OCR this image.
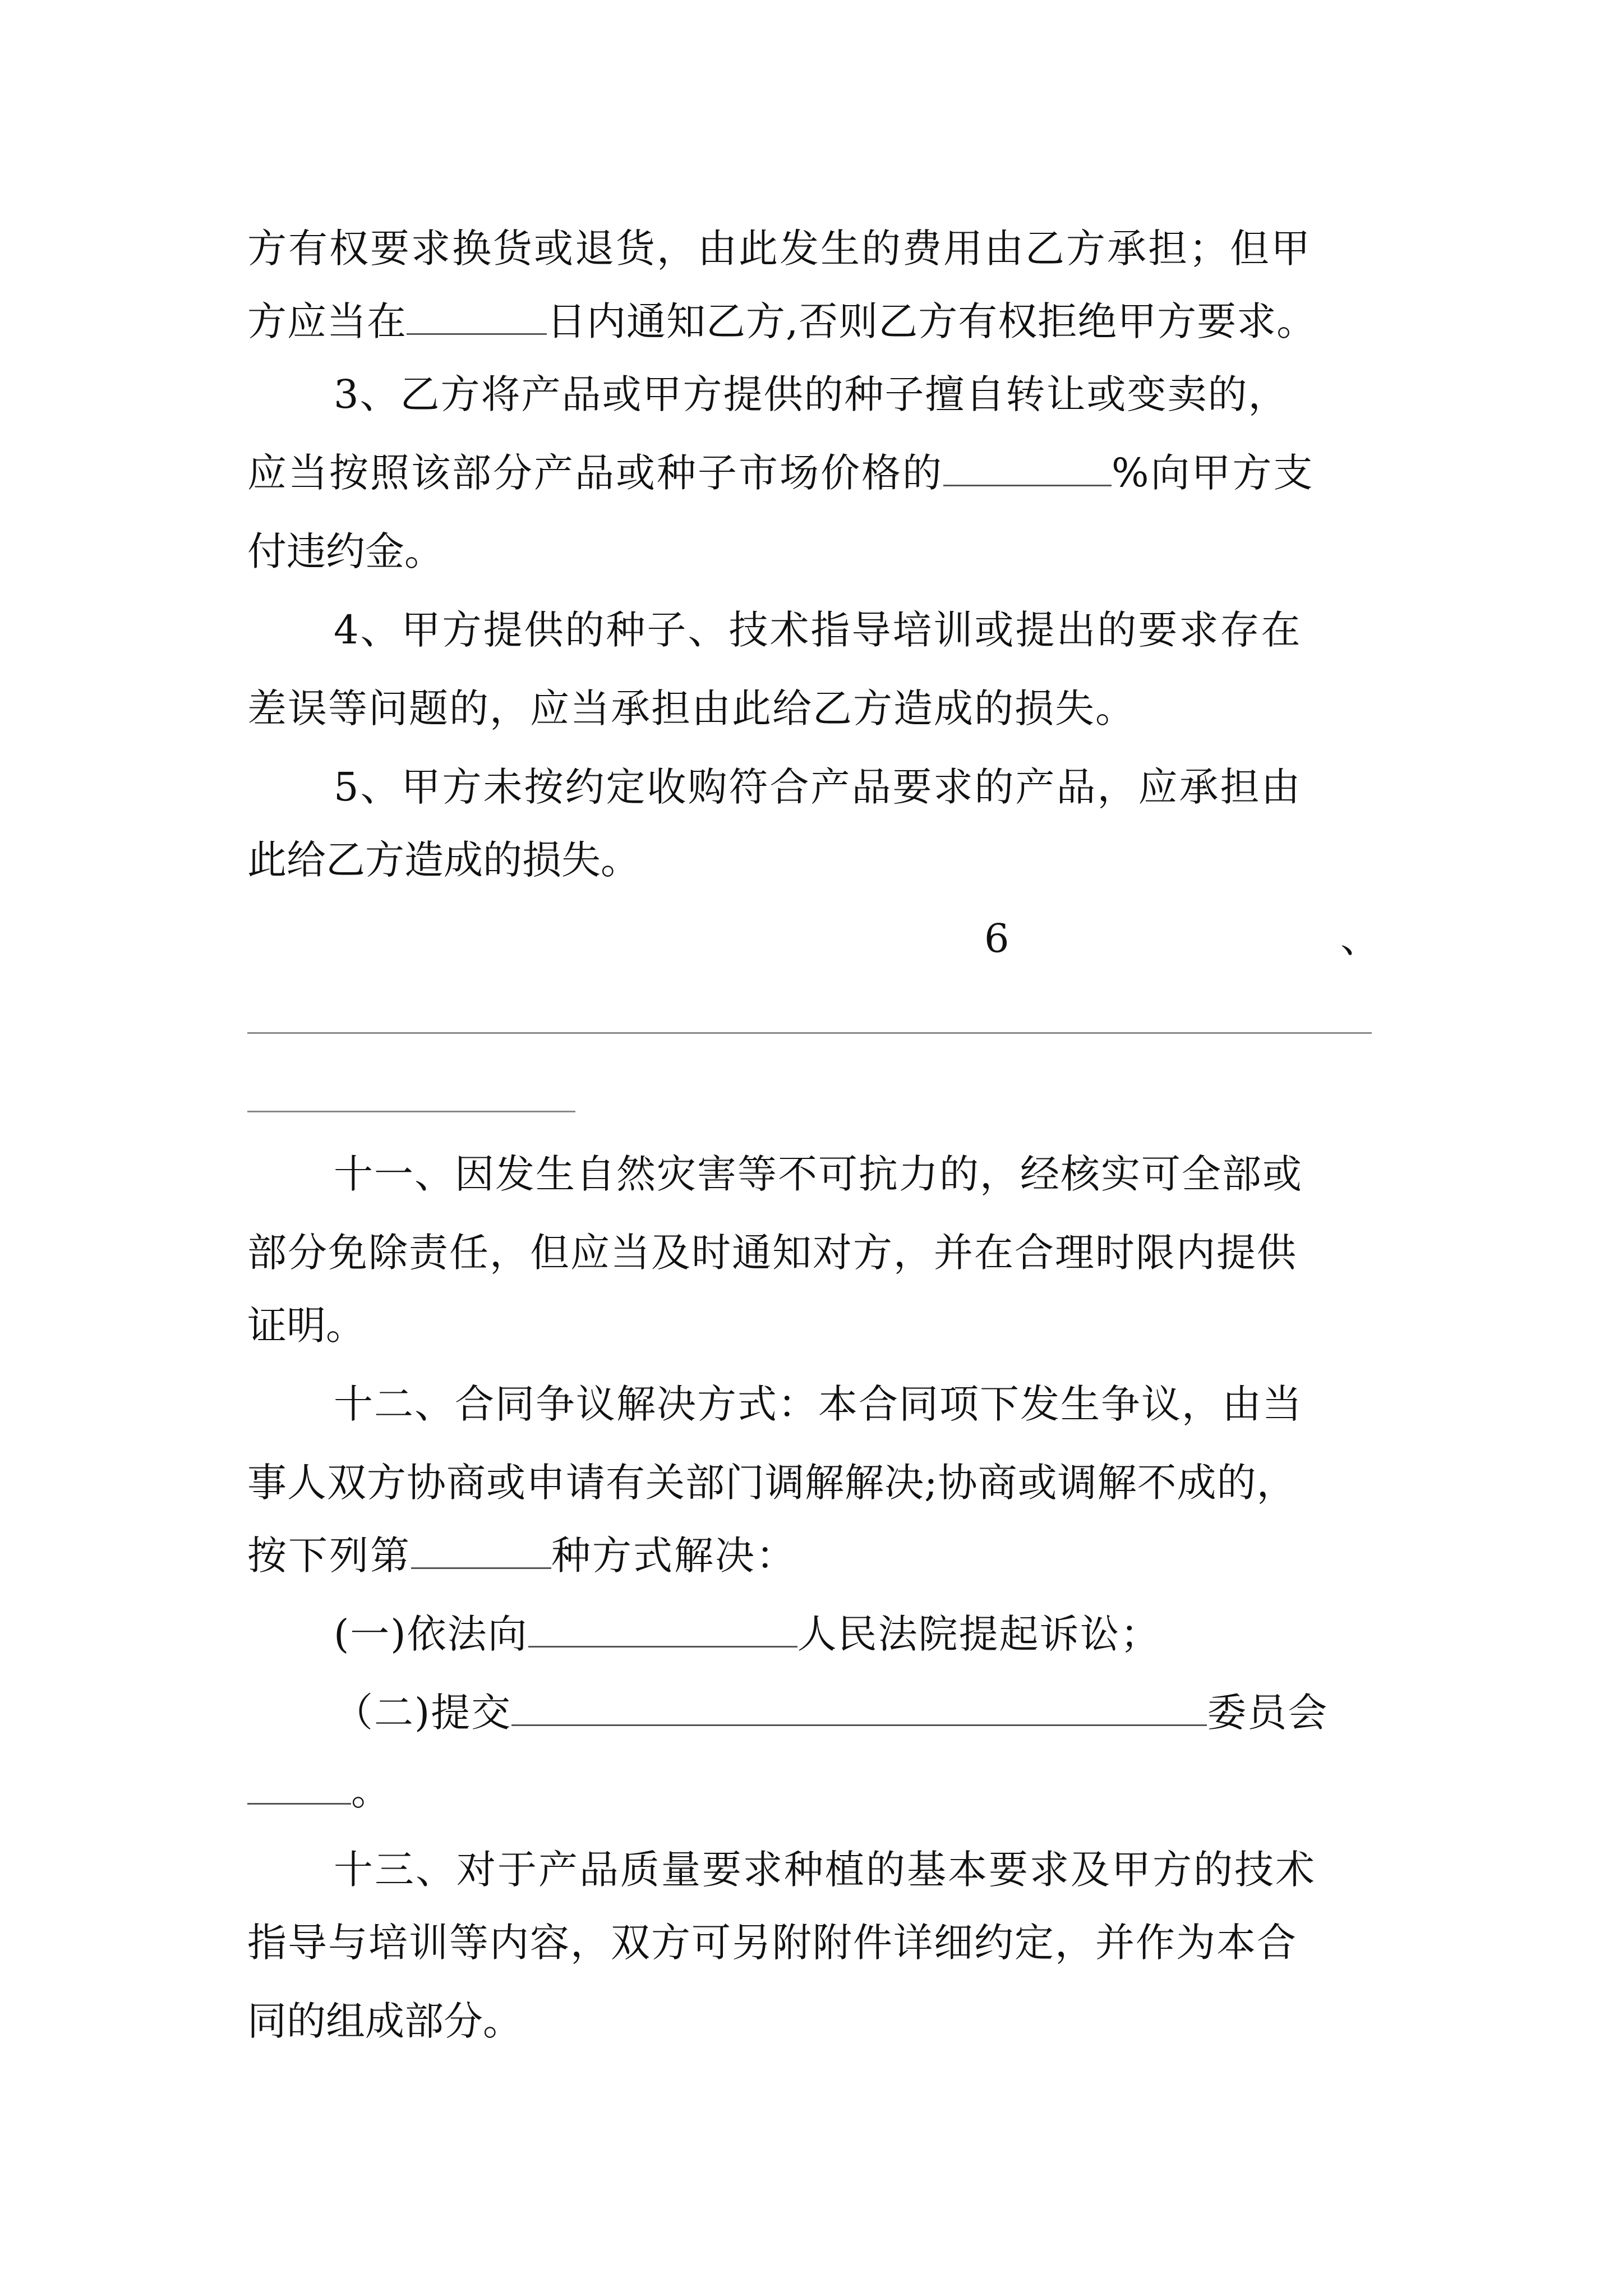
方有权要求换货或退货，由此发生的费用由乙方承担；但甲
方应当在	日内通知乙方,否则乙方有权拒绝甲方要求。
3、乙方将产品或甲方提供的种子擅自转让或变卖的，
应当按照该部分产品或种子市场价格的	%向甲方支
付违约金。
4、甲方提供的种子、技术指导培训或提出的要求存在
差误等问题的，应当承担由此给乙方造成的损失。
5、甲方未按约定收购符合产品要求的产品，应承担由
此给乙方造成的损失。
6	、
十一、因发生自然灾害等不可抗力的，经核实可全部或
部分免除责任，但应当及时通知对方，并在合理时限内提供
证明。
十二、合同争议解决方式：本合同项下发生争议，由当
事人双方协商或申请有关部门调解解决;协商或调解不成的，
按下列第	种方式解决：
(一)依法向	人民法院提起诉讼；
（二)提交	委员会
。
十三、对于产品质量要求种植的基本要求及甲方的技术
指导与培训等内容，双方可另附附件详细约定，并作为本合
同的组成部分。
